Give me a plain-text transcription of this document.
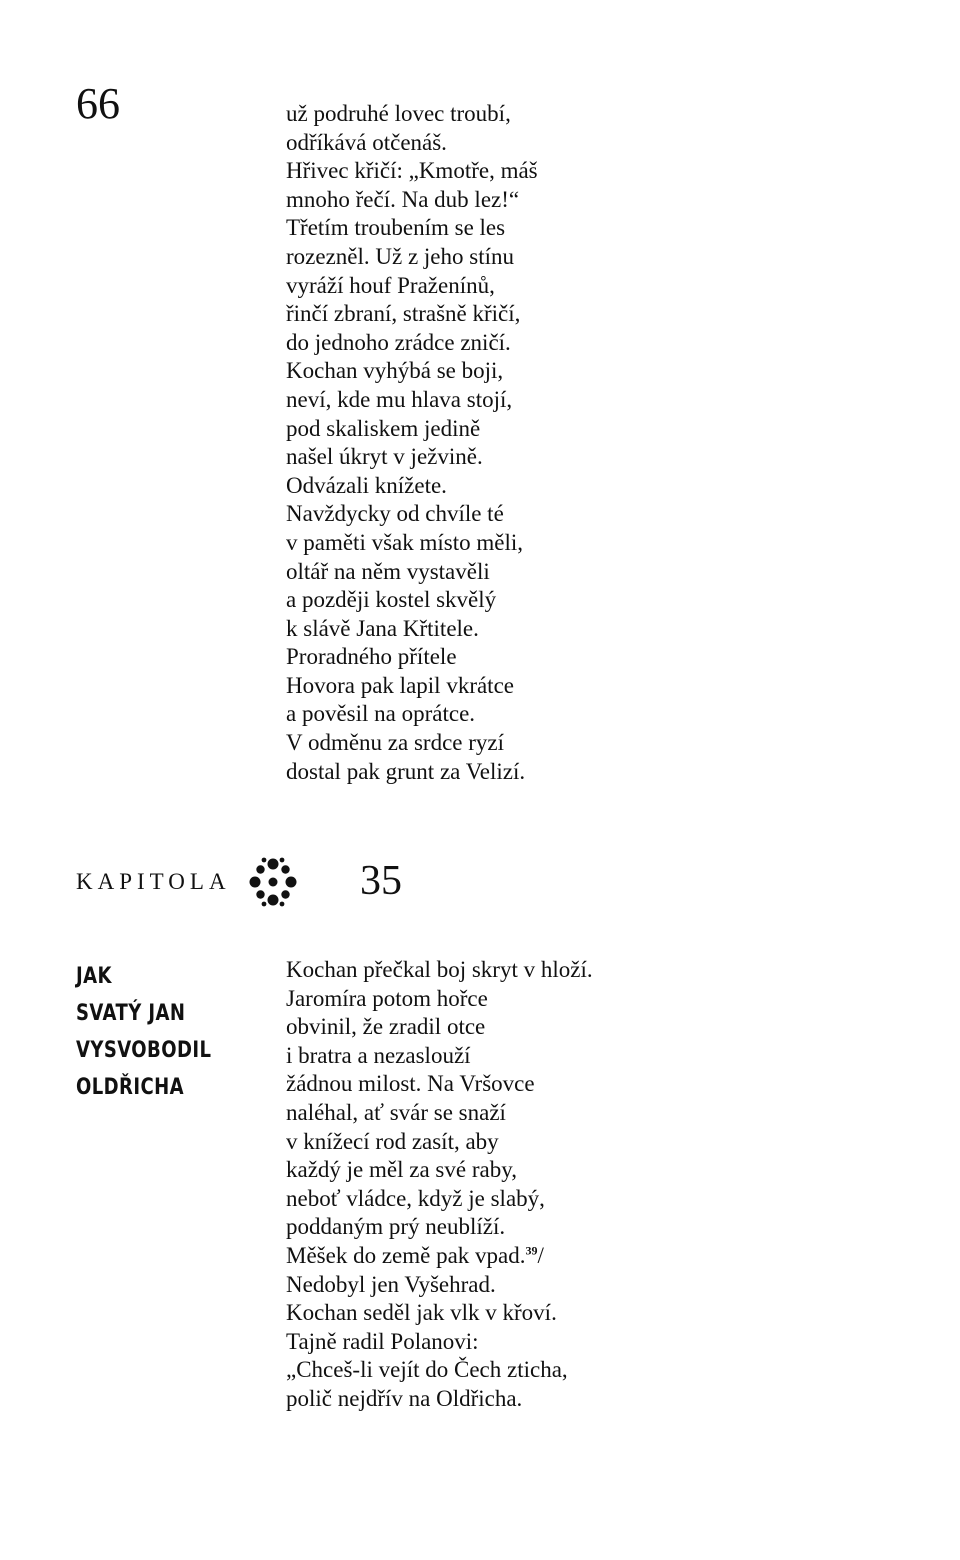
66	už podruhé lovec troubí,
odříkává otčenáš.
Hřivec křičí: „Kmotře, máš
mnoho řečí. Na dub lez!“
Třetím troubením se les
rozezněl. Už z jeho stínu
vyráží houf Praženínů,
řinčí zbraní, strašně křičí,
do jednoho zrádce zničí.
Kochan vyhýbá se boji,
neví, kde mu hlava stojí,
pod skaliskem jedině
našel úkryt v ježvině.
Odvázali knížete.
Navždycky od chvíle té
v paměti však místo měli,
oltář na něm vystavěli
a později kostel skvělý
k slávě Jana Křtitele.
Proradného přítele
Hovora pak lapil vkrátce
a pověsil na oprátce.
V odměnu za srdce ryzí
dostal pak grunt za Velizí.
KAPITOLA	35
JAK
SVATÝ JAN
VYSVOBODIL
OLDŘICHA
Kochan přečkal boj skryt v hloží.
Jaromíra potom hořce
obvinil, že zradil otce
i bratra a nezaslouží
žádnou milost. Na Vršovce
naléhal, ať svár se snaží
v knížecí rod zasít, aby
každý je měl za své raby,
neboť vládce, když je slabý,
poddaným prý neublíží.
Měšek do země pak vpad.$^{39}$/
Nedobyl jen Vyšehrad.
Kochan seděl jak vlk v křoví.
Tajně radil Polanovi:
„Chceš-li vejít do Čech zticha,
polič nejdřív na Oldřicha.
